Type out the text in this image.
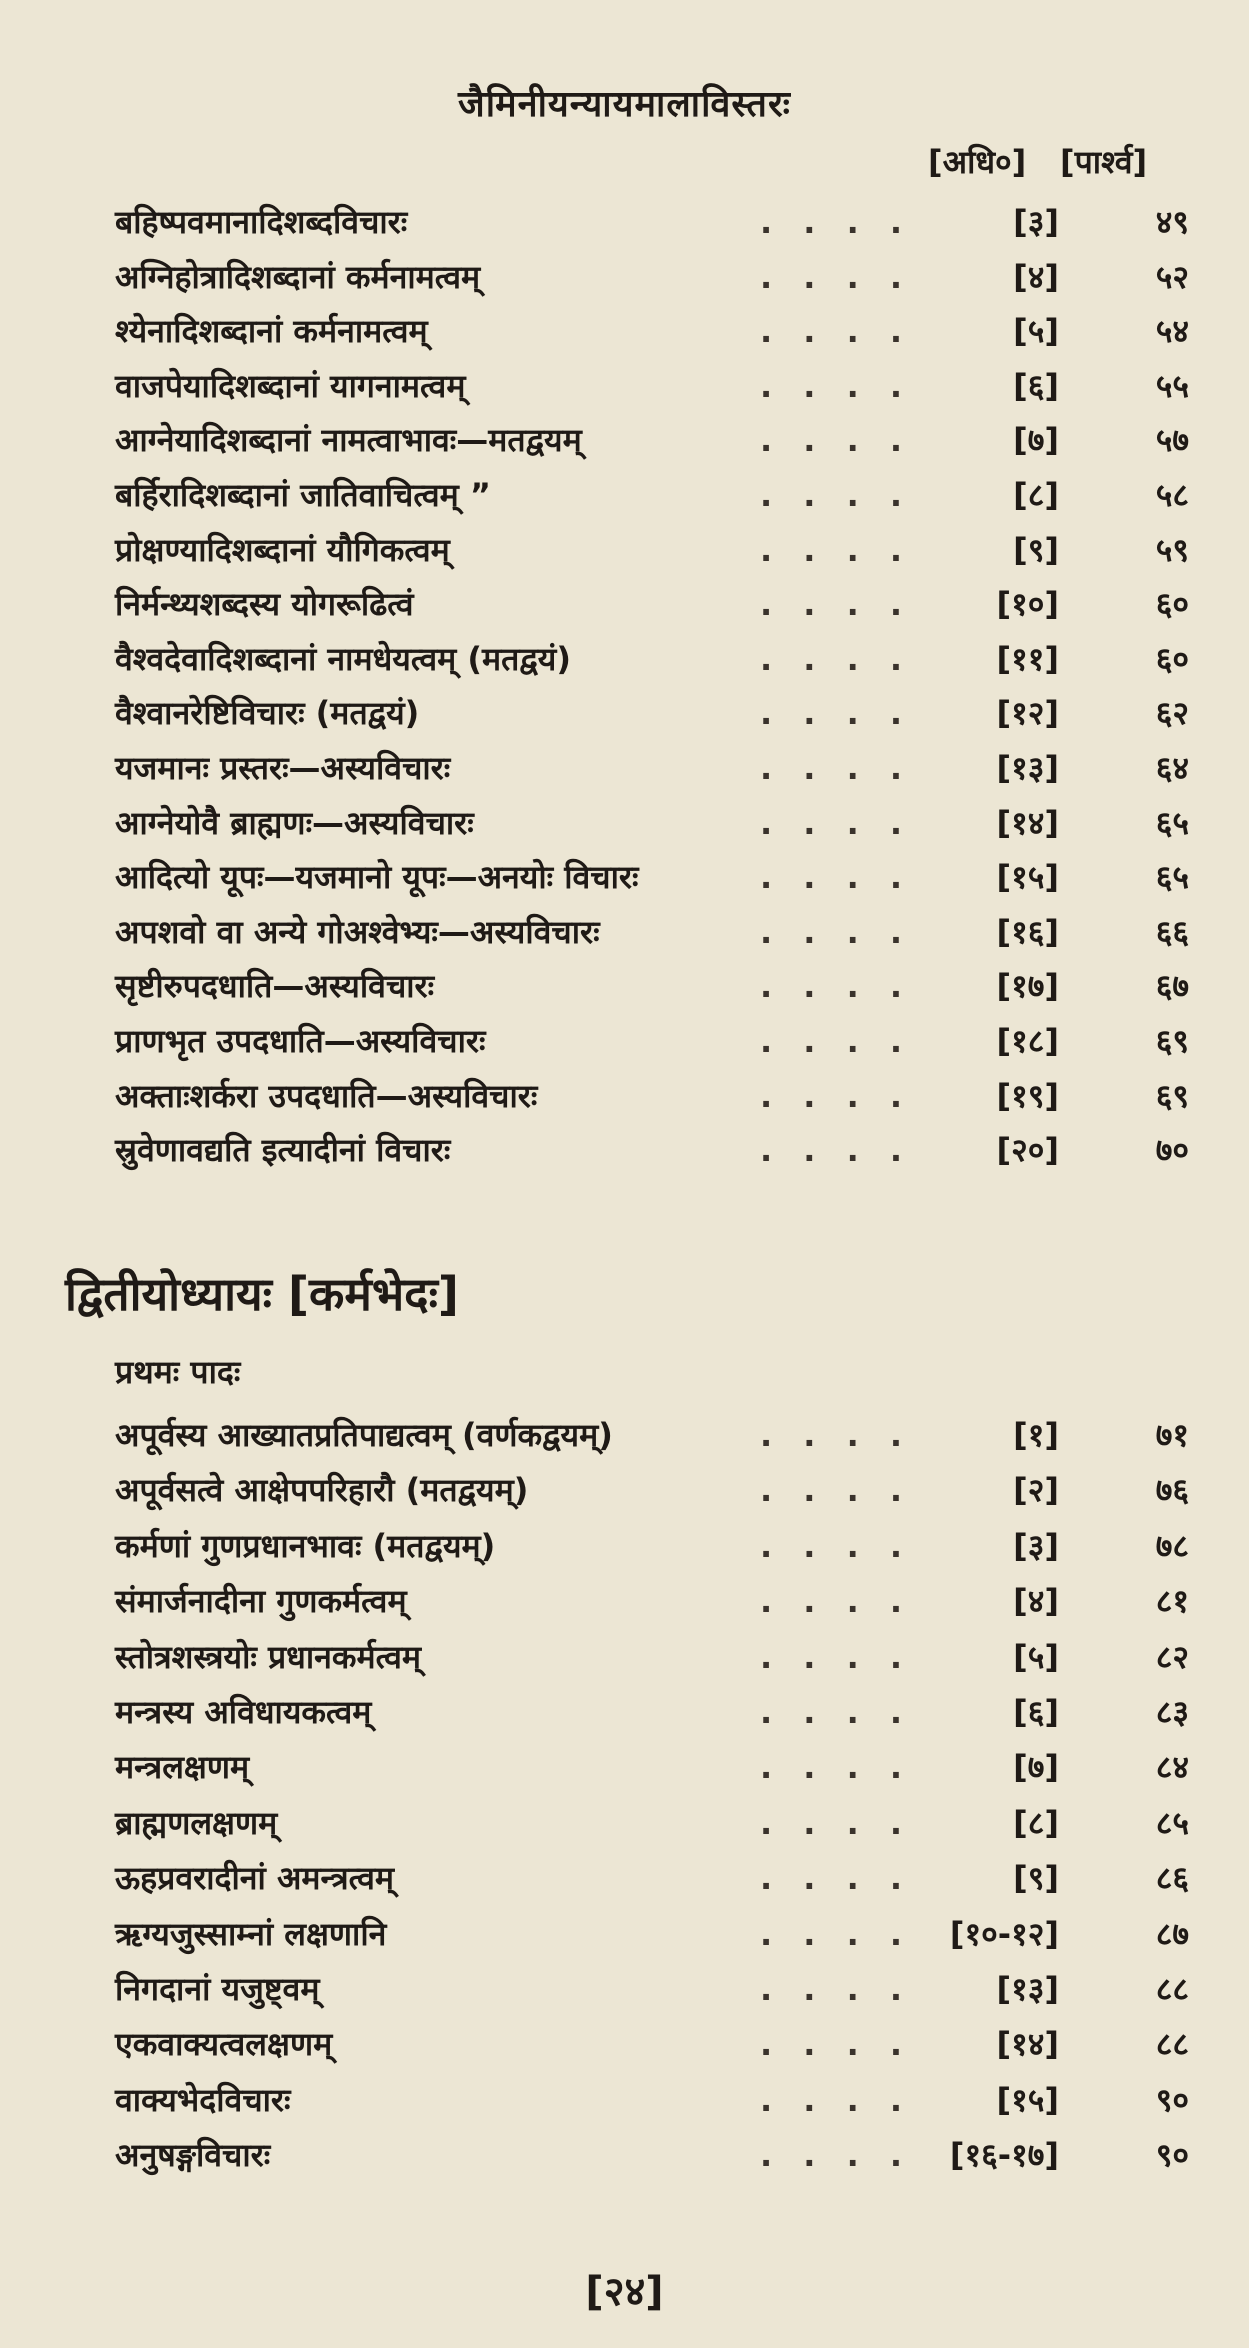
जैमिनीयन्यायमालाविस्तरः
[अधि०] [पार्श्व]
बहिष्पवमानादिशब्दविचारः	. . . .	[३]	४९
अग्निहोत्रादिशब्दानां कर्मनामत्वम्	. . . .	[४]	५२
श्येनादिशब्दानां कर्मनामत्वम्	. . . .	[५]	५४
वाजपेयादिशब्दानां यागनामत्वम्	. . . .	[६]	५५
आग्नेयादिशब्दानां नामत्वाभावः—मतद्वयम्	. . . .	[७]	५७
बर्हिरादिशब्दानां जातिवाचित्वम् ”	. . . .	[८]	५८
प्रोक्षण्यादिशब्दानां यौगिकत्वम्	. . . .	[९]	५९
निर्मन्थ्यशब्दस्य योगरूढित्वं	. . . .	[१०]	६०
वैश्वदेवादिशब्दानां नामधेयत्वम् (मतद्वयं)	. . . .	[११]	६०
वैश्वानरेष्टिविचारः (मतद्वयं)	. . . .	[१२]	६२
यजमानः प्रस्तरः—अस्यविचारः	. . . .	[१३]	६४
आग्नेयोवै ब्राह्मणः—अस्यविचारः	. . . .	[१४]	६५
आदित्यो यूपः—यजमानो यूपः—अनयोः विचारः	. . . .	[१५]	६५
अपशवो वा अन्ये गोअश्वेभ्यः—अस्यविचारः	. . . .	[१६]	६६
सृष्टीरुपदधाति—अस्यविचारः	. . . .	[१७]	६७
प्राणभृत उपदधाति—अस्यविचारः	. . . .	[१८]	६९
अक्ताःशर्करा उपदधाति—अस्यविचारः	. . . .	[१९]	६९
स्रुवेणावद्यति इत्यादीनां विचारः	. . . .	[२०]	७०
द्वितीयोध्यायः [कर्मभेदः]
प्रथमः पादः
अपूर्वस्य आख्यातप्रतिपाद्यत्वम् (वर्णकद्वयम्)	. . . .	[१]	७१
अपूर्वसत्वे आक्षेपपरिहारौ (मतद्वयम्)	. . . .	[२]	७६
कर्मणां गुणप्रधानभावः (मतद्वयम्)	. . . .	[३]	७८
संमार्जनादीना गुणकर्मत्वम्	. . . .	[४]	८१
स्तोत्रशस्त्रयोः प्रधानकर्मत्वम्	. . . .	[५]	८२
मन्त्रस्य अविधायकत्वम्	. . . .	[६]	८३
मन्त्रलक्षणम्	. . . .	[७]	८४
ब्राह्मणलक्षणम्	. . . .	[८]	८५
ऊहप्रवरादीनां अमन्त्रत्वम्	. . . .	[९]	८६
ऋग्यजुस्साम्नां लक्षणानि	. . . . [१०-१२]	८७
निगदानां यजुष्ट्वम्	. . . .	[१३]	८८
एकवाक्यत्वलक्षणम्	. . . .	[१४]	८८
वाक्यभेदविचारः	. . . .	[१५]	९०
अनुषङ्गविचारः	. . . . [१६-१७]	९०
[२४]
